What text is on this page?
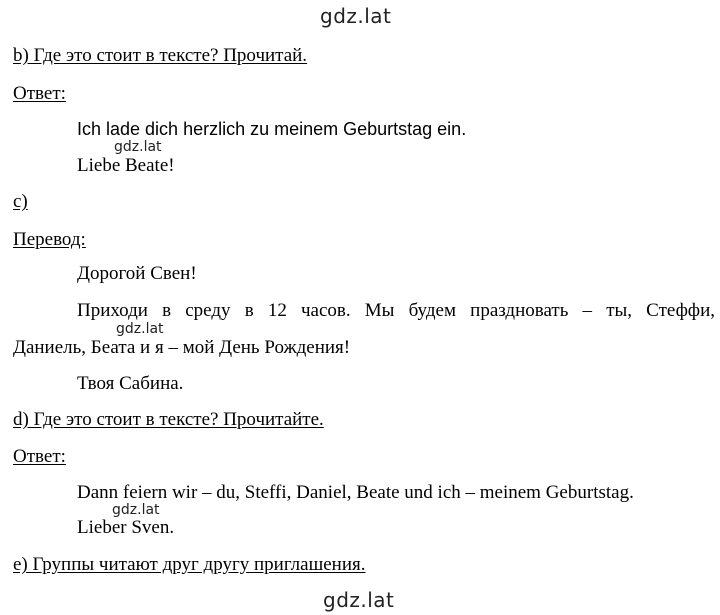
gdz.lat
b) Где это стоит в тексте? Прочитай.
Ответ:
Ich lade dich herzlich zu meinem Geburtstag ein.
gdz.lat
Liebe Beate!
c)
Перевод:
Дорогой Свен!
Приходи в среду в 12 часов. Мы будем праздновать – ты, Стеффи,
gdz.lat
Даниель, Беата и я – мой День Рождения!
Твоя Сабина.
d) Где это стоит в тексте? Прочитайте.
Ответ:
Dann feiern wir – du, Steffi, Daniel, Beate und ich – meinem Geburtstag.
gdz.lat
Lieber Sven.
e) Группы читают друг другу приглашения.
gdz.lat
